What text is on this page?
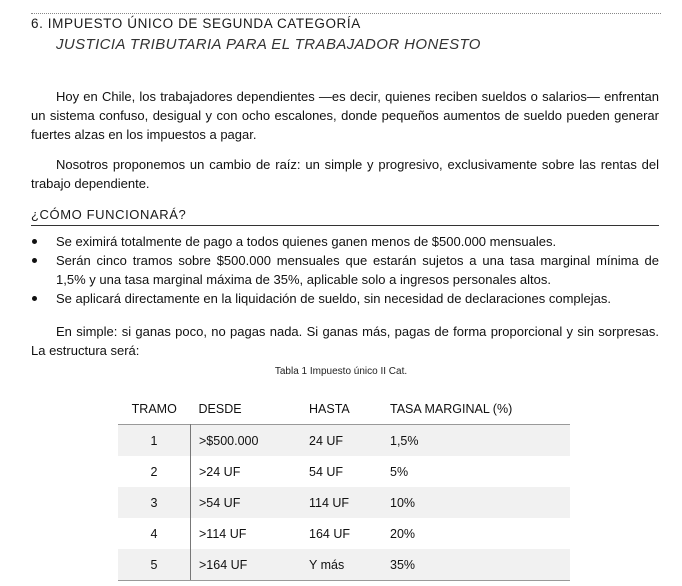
6. IMPUESTO ÚNICO DE SEGUNDA CATEGORÍA
JUSTICIA TRIBUTARIA PARA EL TRABAJADOR HONESTO

Hoy en Chile, los trabajadores dependientes —es decir, quienes reciben sueldos o salarios— enfrentan un sistema confuso, desigual y con ocho escalones, donde pequeños aumentos de sueldo pueden generar fuertes alzas en los impuestos a pagar.

Nosotros proponemos un cambio de raíz: un simple y progresivo, exclusivamente sobre las rentas del trabajo dependiente.

¿CÓMO FUNCIONARÁ?
Se eximirá totalmente de pago a todos quienes ganen menos de $500.000 mensuales.
Serán cinco tramos sobre $500.000 mensuales que estarán sujetos a una tasa marginal mínima de 1,5% y una tasa marginal máxima de 35%, aplicable solo a ingresos personales altos.
Se aplicará directamente en la liquidación de sueldo, sin necesidad de declaraciones complejas.

En simple: si ganas poco, no pagas nada. Si ganas más, pagas de forma proporcional y sin sorpresas. La estructura será:

Tabla 1 Impuesto único II Cat.
TRAMO	DESDE	HASTA	TASA MARGINAL (%)
1	>$500.000	24 UF	1,5%
2	>24 UF	54 UF	5%
3	>54 UF	114 UF	10%
4	>114 UF	164 UF	20%
5	>164 UF	Y más	35%
